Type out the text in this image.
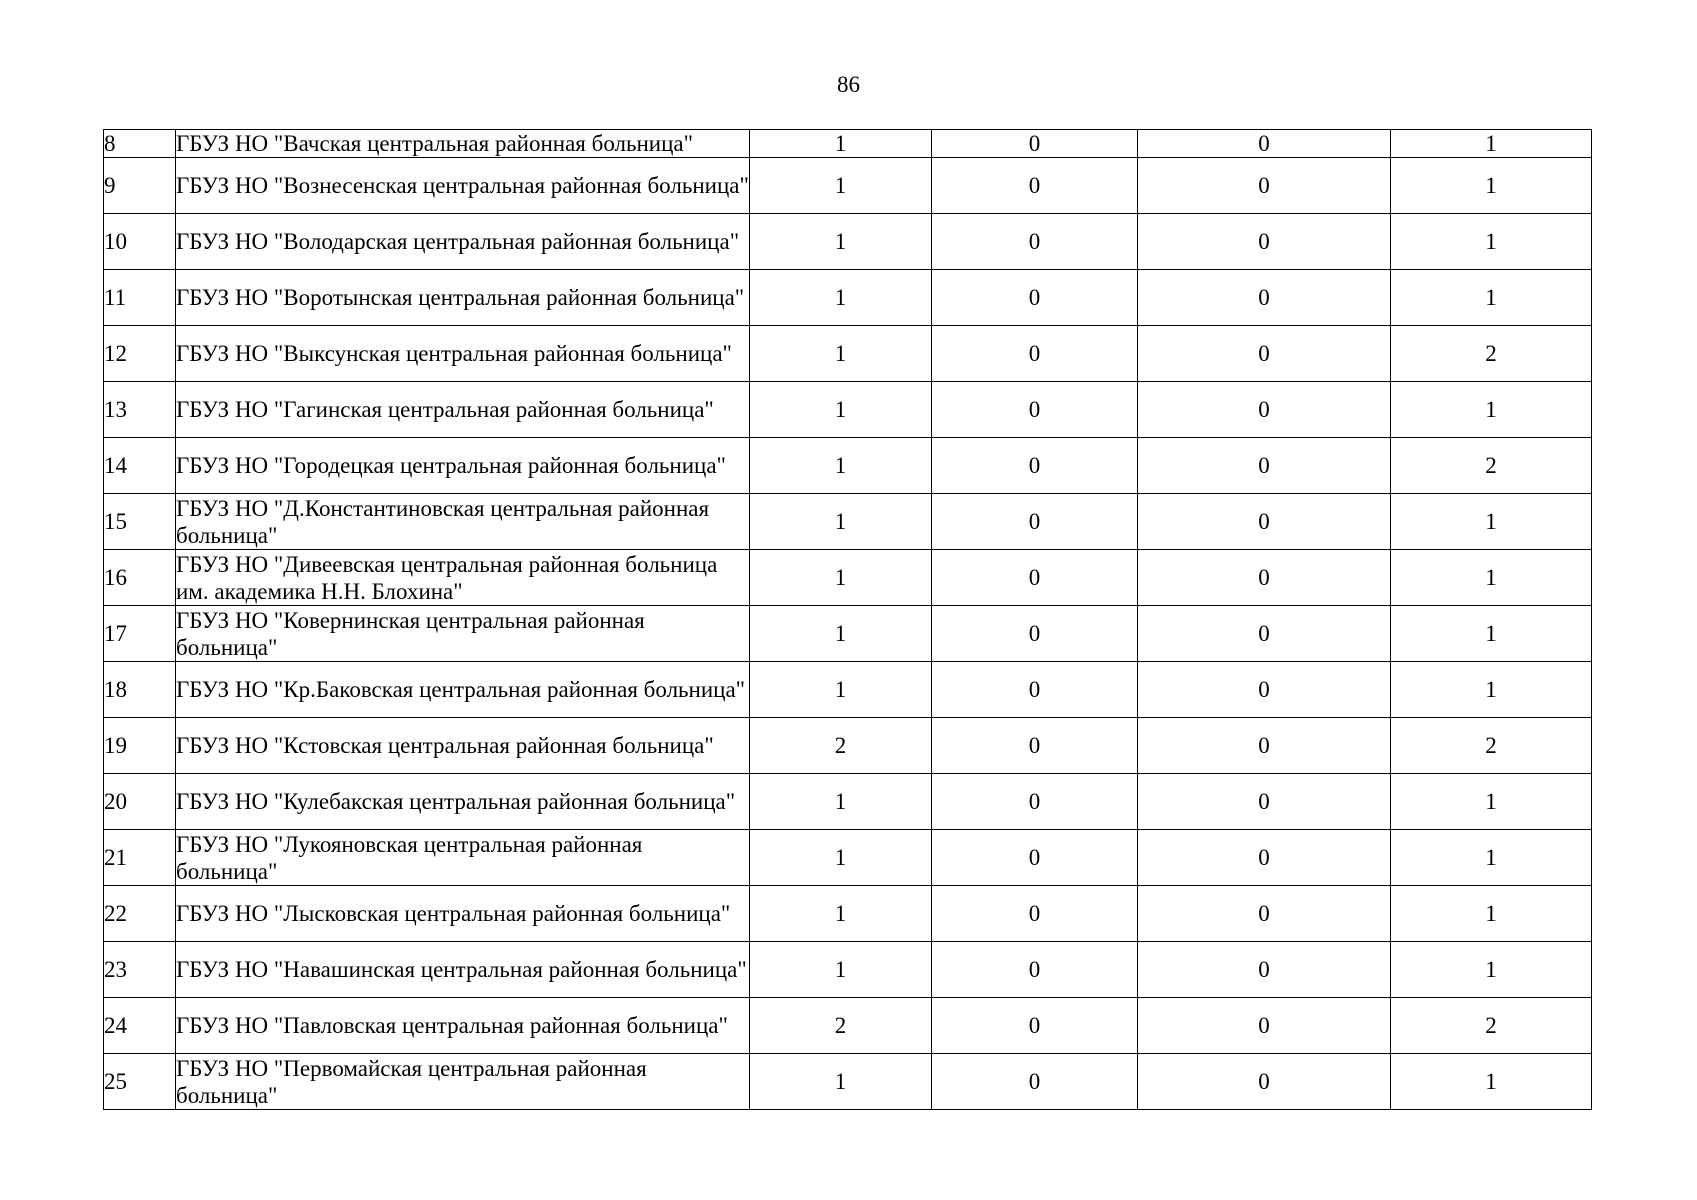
86
8	ГБУЗ НО "Вачская центральная районная больница"	1	0	0	1
9	ГБУЗ НО "Вознесенская центральная районная больница"	1	0	0	1
10	ГБУЗ НО "Володарская центральная районная больница"	1	0	0	1
11	ГБУЗ НО "Воротынская центральная районная больница"	1	0	0	1
12	ГБУЗ НО "Выксунская центральная районная больница"	1	0	0	2
13	ГБУЗ НО "Гагинская центральная районная больница"	1	0	0	1
14	ГБУЗ НО "Городецкая центральная районная больница"	1	0	0	2
15	ГБУЗ НО "Д.Константиновская центральная районная больница"	1	0	0	1
16	ГБУЗ НО "Дивеевская центральная районная больница им. академика Н.Н. Блохина"	1	0	0	1
17	ГБУЗ НО "Ковернинская центральная районная больница"	1	0	0	1
18	ГБУЗ НО "Кр.Баковская центральная районная больница"	1	0	0	1
19	ГБУЗ НО "Кстовская центральная районная больница"	2	0	0	2
20	ГБУЗ НО "Кулебакская центральная районная больница"	1	0	0	1
21	ГБУЗ НО "Лукояновская центральная районная больница"	1	0	0	1
22	ГБУЗ НО "Лысковская центральная районная больница"	1	0	0	1
23	ГБУЗ НО "Навашинская центральная районная больница"	1	0	0	1
24	ГБУЗ НО "Павловская центральная районная больница"	2	0	0	2
25	ГБУЗ НО "Первомайская центральная районная больница"	1	0	0	1
